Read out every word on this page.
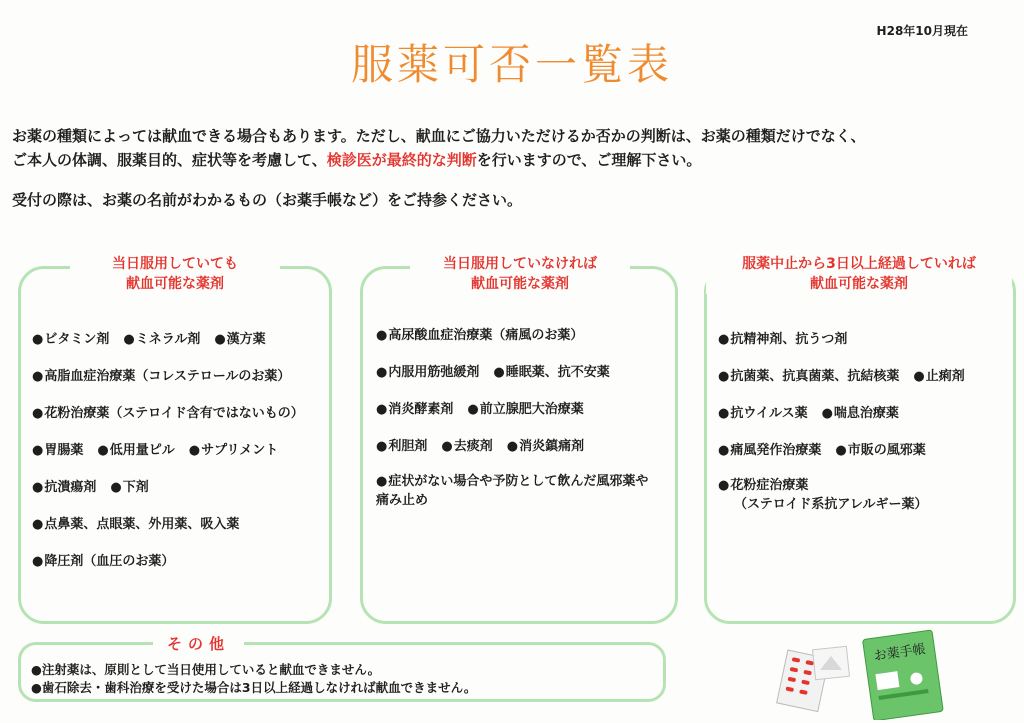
H28年10月現在
服薬可否一覧表

お薬の種類によっては献血できる場合もあります。ただし、献血にご協力いただけるか否かの判断は、お薬の種類だけでなく、

ご本人の体調、服薬目的、症状等を考慮して、検診医が最終的な判断を行いますので、ご理解下さい。

受付の際は、お薬の名前がわかるもの（お薬手帳など）をご持参ください。

当日服用していても
献血可能な薬剤
● ビタミン剤	● ミネラル剤	● 漢方薬
● 高脂血症治療薬（コレステロールのお薬）
● 花粉治療薬（ステロイド含有ではないもの）
● 胃腸薬	● 低用量ピル	● サプリメント
● 抗潰瘍剤	● 下剤
● 点鼻薬、点眼薬、外用薬、吸入薬
● 降圧剤（血圧のお薬）
当日服用していなければ
献血可能な薬剤
● 高尿酸血症治療薬（痛風のお薬）
● 内服用筋弛緩剤	● 睡眠薬、抗不安薬
● 消炎酵素剤	● 前立腺肥大治療薬
● 利胆剤	● 去痰剤	● 消炎鎮痛剤
● 症状がない場合や予防として飲んだ風邪薬や痛み止め
服薬中止から3日以上経過していれば
献血可能な薬剤
● 抗精神剤、抗うつ剤
● 抗菌薬、抗真菌薬、抗結核薬	● 止痢剤
● 抗ウイルス薬	● 喘息治療薬
● 痛風発作治療薬	● 市販の風邪薬
● 花粉症治療薬
（ステロイド系抗アレルギー薬）
その他
● 注射薬は、原則として当日使用していると献血できません。
● 歯石除去・歯科治療を受けた場合は3日以上経過しなければ献血できません。
お薬手帳
